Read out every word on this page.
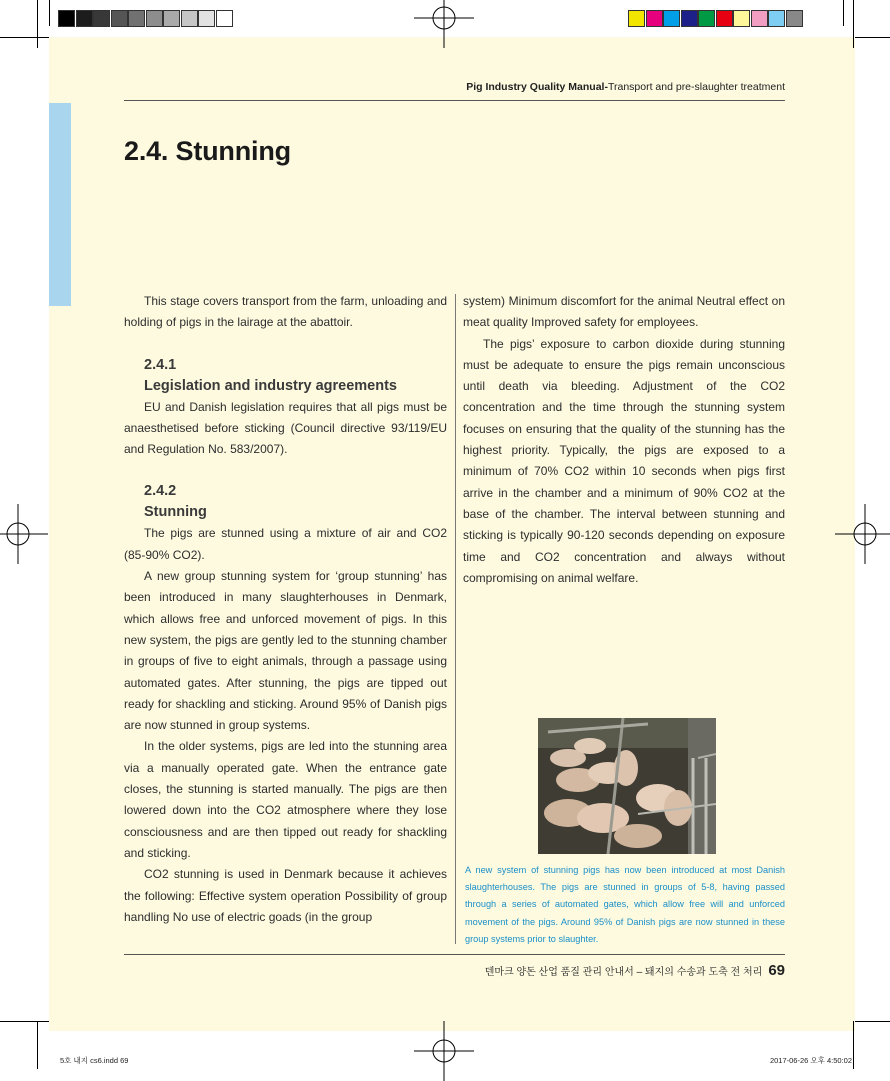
Pig Industry Quality Manual-Transport and pre-slaughter treatment
2.4. Stunning

This stage covers transport from the farm, unloading and holding of pigs in the lairage at the abattoir.

2.4.1
Legislation and industry agreements

EU and Danish legislation requires that all pigs must be anaesthetised before sticking (Council directive 93/119/EU and Regulation No. 583/2007).

2.4.2
Stunning

The pigs are stunned using a mixture of air and CO2 (85-90% CO2).

A new group stunning system for ‘group stunning’ has been introduced in many slaughterhouses in Denmark, which allows free and unforced movement of pigs. In this new system, the pigs are gently led to the stunning chamber in groups of five to eight animals, through a passage using automated gates. After stunning, the pigs are tipped out ready for shackling and sticking. Around 95% of Danish pigs are now stunned in group systems.

In the older systems, pigs are led into the stunning area via a manually operated gate. When the entrance gate closes, the stunning is started manually. The pigs are then lowered down into the CO2 atmosphere where they lose consciousness and are then tipped out ready for shackling and sticking.

CO2 stunning is used in Denmark because it achieves the following: Effective system operation Possibility of group handling No use of electric goads (in the group

system) Minimum discomfort for the animal Neutral effect on meat quality Improved safety for employees.

The pigs’ exposure to carbon dioxide during stunning must be adequate to ensure the pigs remain unconscious until death via bleeding. Adjustment of the CO2 concentration and the time through the stunning system focuses on ensuring that the quality of the stunning has the highest priority. Typically, the pigs are exposed to a minimum of 70% CO2 within 10 seconds when pigs first arrive in the chamber and a minimum of 90% CO2 at the base of the chamber. The interval between stunning and sticking is typically 90-120 seconds depending on exposure time and CO2 concentration and always without compromising on animal welfare.

A new system of stunning pigs has now been introduced at most Danish slaughterhouses. The pigs are stunned in groups of 5-8, having passed through a series of automated gates, which allow free will and unforced movement of the pigs. Around 95% of Danish pigs are now stunned in these group systems prior to slaughter.
덴마크 양돈 산업 품질 관리 안내서 – 돼지의 수송과 도축 전 처리 69
5호 내지 cs6.indd 69	2017-06-26 오후 4:50:02
